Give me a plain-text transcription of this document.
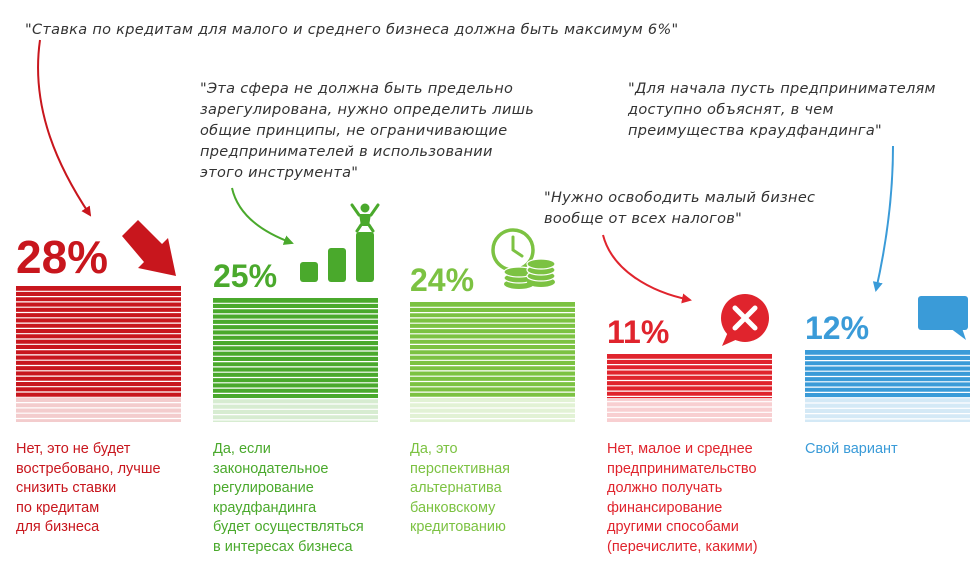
"Ставка по кредитам для малого и среднего бизнеса должна быть максимум 6%"
"Эта сфера не должна быть предельно
зарегулирована, нужно определить лишь
общие принципы, не ограничивающие
предпринимателей в использовании
этого инструмента"
"Для начала пусть предпринимателям
доступно объяснят, в чем
преимущества краудфандинга"
"Нужно освободить малый бизнес
вообще от всех налогов"
28%
Нет, это не будет
востребовано, лучше
снизить ставки
по кредитам
для бизнеса
25%
Да, если
законодательное
регулирование
краудфандинга
будет осуществляться
в интересах бизнеса
24%
Да, это
перспективная
альтернатива
банковскому
кредитованию
11%
Нет, малое и среднее
предпринимательство
должно получать
финансирование
другими способами
(перечислите, какими)
12%
Свой вариант
